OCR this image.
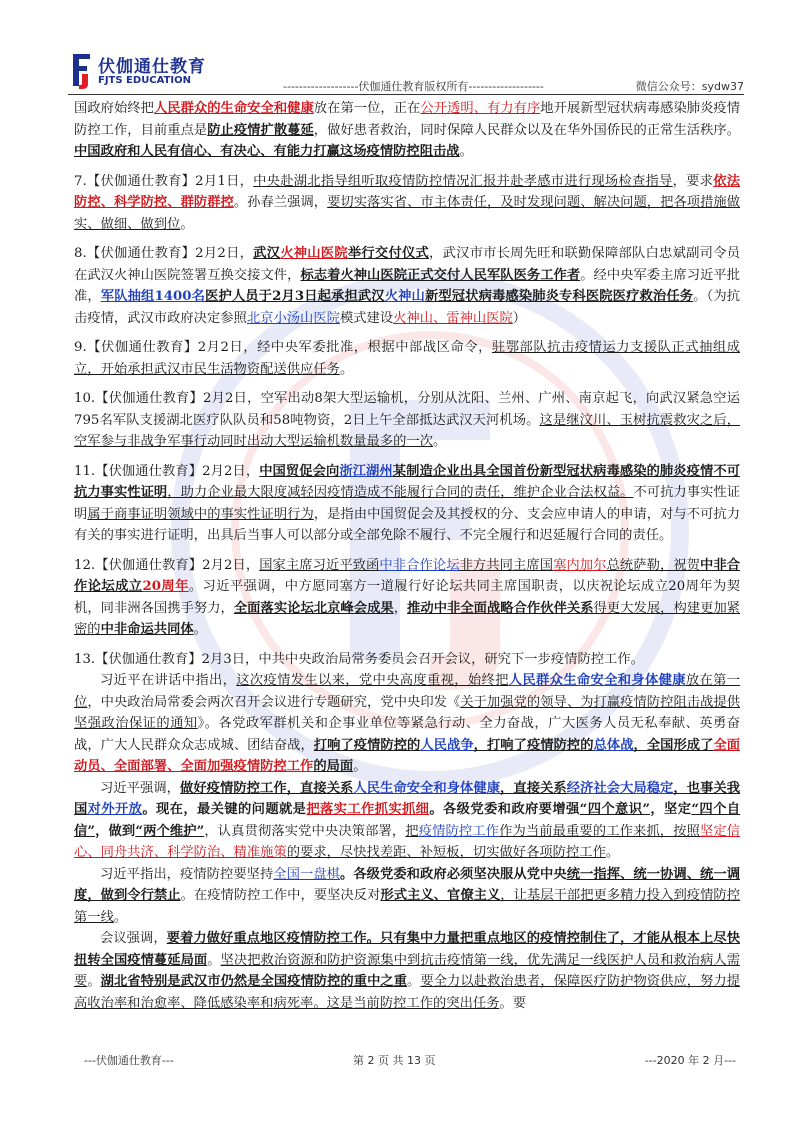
伏伽通仕教育
FJTS EDUCATION	-------------------伏伽通仕教育版权所有-------------------	微信公众号：sydw37

国政府始终把人民群众的生命安全和健康放在第一位，正在公开透明、有力有序地开展新型冠状病毒感染肺炎疫情防控工作，目前重点是防止疫情扩散蔓延，做好患者救治，同时保障人民群众以及在华外国侨民的正常生活秩序。中国政府和人民有信心、有决心、有能力打赢这场疫情防控阻击战。

7.【伏伽通仕教育】2月1日，中央赴湖北指导组听取疫情防控情况汇报并赴孝感市进行现场检查指导，要求依法防控、科学防控、群防群控。孙春兰强调，要切实落实省、市主体责任，及时发现问题、解决问题，把各项措施做实、做细、做到位。

8.【伏伽通仕教育】2月2日，武汉火神山医院举行交付仪式，武汉市市长周先旺和联勤保障部队白忠斌副司令员在武汉火神山医院签署互换交接文件，标志着火神山医院正式交付人民军队医务工作者。经中央军委主席习近平批准，军队抽组1400名医护人员于2月3日起承担武汉火神山新型冠状病毒感染肺炎专科医院医疗救治任务。（为抗击疫情，武汉市政府决定参照北京小汤山医院模式建设火神山、雷神山医院）

9.【伏伽通仕教育】2月2日，经中央军委批准，根据中部战区命令，驻鄂部队抗击疫情运力支援队正式抽组成立，开始承担武汉市民生活物资配送供应任务。

10.【伏伽通仕教育】2月2日，空军出动8架大型运输机，分别从沈阳、兰州、广州、南京起飞，向武汉紧急空运795名军队支援湖北医疗队队员和58吨物资，2日上午全部抵达武汉天河机场。这是继汶川、玉树抗震救灾之后，空军参与非战争军事行动同时出动大型运输机数量最多的一次。

11.【伏伽通仕教育】2月2日，中国贸促会向浙江湖州某制造企业出具全国首份新型冠状病毒感染的肺炎疫情不可抗力事实性证明，助力企业最大限度减轻因疫情造成不能履行合同的责任，维护企业合法权益。不可抗力事实性证明属于商事证明领域中的事实性证明行为，是指由中国贸促会及其授权的分、支会应申请人的申请，对与不可抗力有关的事实进行证明，出具后当事人可以部分或全部免除不履行、不完全履行和迟延履行合同的责任。

12.【伏伽通仕教育】2月2日，国家主席习近平致函中非合作论坛非方共同主席国塞内加尔总统萨勒，祝贺中非合作论坛成立20周年。习近平强调，中方愿同塞方一道履行好论坛共同主席国职责，以庆祝论坛成立20周年为契机，同非洲各国携手努力，全面落实论坛北京峰会成果，推动中非全面战略合作伙伴关系得更大发展，构建更加紧密的中非命运共同体。

13.【伏伽通仕教育】2月3日，中共中央政治局常务委员会召开会议，研究下一步疫情防控工作。

习近平在讲话中指出，这次疫情发生以来，党中央高度重视，始终把人民群众生命安全和身体健康放在第一位，中央政治局常委会两次召开会议进行专题研究，党中央印发《关于加强党的领导、为打赢疫情防控阻击战提供坚强政治保证的通知》。各党政军群机关和企事业单位等紧急行动、全力奋战，广大医务人员无私奉献、英勇奋战，广大人民群众众志成城、团结奋战，打响了疫情防控的人民战争，打响了疫情防控的总体战，全国形成了全面动员、全面部署、全面加强疫情防控工作的局面。

习近平强调，做好疫情防控工作，直接关系人民生命安全和身体健康，直接关系经济社会大局稳定，也事关我国对外开放。现在，最关键的问题就是把落实工作抓实抓细。各级党委和政府要增强“四个意识”，坚定“四个自信”，做到“两个维护”，认真贯彻落实党中央决策部署，把疫情防控工作作为当前最重要的工作来抓，按照坚定信心、同舟共济、科学防治、精准施策的要求，尽快找差距、补短板，切实做好各项防控工作。

习近平指出，疫情防控要坚持全国一盘棋。各级党委和政府必须坚决服从党中央统一指挥、统一协调、统一调度，做到令行禁止。在疫情防控工作中，要坚决反对形式主义、官僚主义，让基层干部把更多精力投入到疫情防控第一线。

会议强调，要着力做好重点地区疫情防控工作。只有集中力量把重点地区的疫情控制住了，才能从根本上尽快扭转全国疫情蔓延局面。坚决把救治资源和防护资源集中到抗击疫情第一线，优先满足一线医护人员和救治病人需要。湖北省特别是武汉市仍然是全国疫情防控的重中之重。要全力以赴救治患者，保障医疗防护物资供应，努力提高收治率和治愈率、降低感染率和病死率。这是当前防控工作的突出任务。要

---伏伽通仕教育---	第 2 页 共 13 页	---2020 年 2 月---
